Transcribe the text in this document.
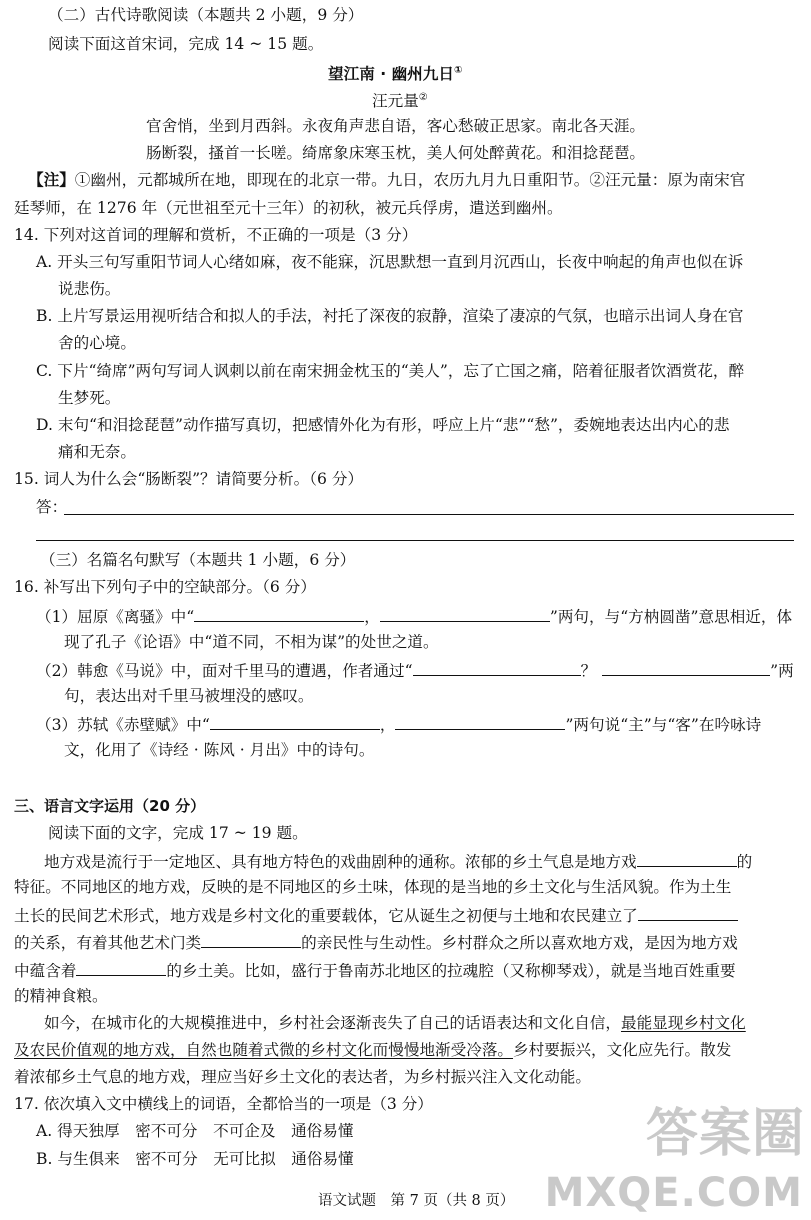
（二）古代诗歌阅读（本题共 2 小题，9 分）
阅读下面这首宋词，完成 14 ~ 15 题。
望江南 · 幽州九日①
汪元量②
官舍悄，坐到月西斜。永夜角声悲自语，客心愁破正思家。南北各天涯。
肠断裂，搔首一长嗟。绮席象床寒玉枕，美人何处醉黄花。和泪捻琵琶。
【注】①幽州，元都城所在地，即现在的北京一带。九日，农历九月九日重阳节。②汪元量：原为南宋官
廷琴师，在 1276 年（元世祖至元十三年）的初秋，被元兵俘虏，遣送到幽州。
14. 下列对这首词的理解和赏析，不正确的一项是（3 分）
A. 开头三句写重阳节词人心绪如麻，夜不能寐，沉思默想一直到月沉西山，长夜中响起的角声也似在诉
说悲伤。
B. 上片写景运用视听结合和拟人的手法，衬托了深夜的寂静，渲染了凄凉的气氛，也暗示出词人身在官
舍的心境。
C. 下片“绮席”两句写词人讽刺以前在南宋拥金枕玉的“美人”，忘了亡国之痛，陪着征服者饮酒赏花，醉
生梦死。
D. 末句“和泪捻琵琶”动作描写真切，把感情外化为有形，呼应上片“悲”“愁”，委婉地表达出内心的悲
痛和无奈。
15. 词人为什么会“肠断裂”？请简要分析。（6 分）
答：
（三）名篇名句默写（本题共 1 小题，6 分）
16. 补写出下列句子中的空缺部分。（6 分）
（1）屈原《离骚》中“	，	”两句，与“方枘圆凿”意思相近，体
现了孔子《论语》中“道不同，不相为谋”的处世之道。
（2）韩愈《马说》中，面对千里马的遭遇，作者通过“	？	”两
句，表达出对千里马被埋没的感叹。
（3）苏轼《赤壁赋》中“	，	”两句说“主”与“客”在吟咏诗
文，化用了《诗经 · 陈风 · 月出》中的诗句。
三、语言文字运用（20 分）
阅读下面的文字，完成 17 ~ 19 题。
地方戏是流行于一定地区、具有地方特色的戏曲剧种的通称。浓郁的乡土气息是地方戏	的
特征。不同地区的地方戏，反映的是不同地区的乡土味，体现的是当地的乡土文化与生活风貌。作为土生
土长的民间艺术形式，地方戏是乡村文化的重要载体，它从诞生之初便与土地和农民建立了
的关系，有着其他艺术门类	的亲民性与生动性。乡村群众之所以喜欢地方戏，是因为地方戏
中蕴含着	的乡土美。比如，盛行于鲁南苏北地区的拉魂腔（又称柳琴戏），就是当地百姓重要
的精神食粮。
如今，在城市化的大规模推进中，乡村社会逐渐丧失了自己的话语表达和文化自信，最能显现乡村文化
及农民价值观的地方戏，自然也随着式微的乡村文化而慢慢地渐受冷落。乡村要振兴，文化应先行。散发
着浓郁乡土气息的地方戏，理应当好乡土文化的表达者，为乡村振兴注入文化动能。
17. 依次填入文中横线上的词语，全都恰当的一项是（3 分）
A. 得天独厚　密不可分　不可企及　通俗易懂
B. 与生俱来　密不可分　无可比拟　通俗易懂
语文试题　第 7 页（共 8 页）
答案圈
MXQE.COM
